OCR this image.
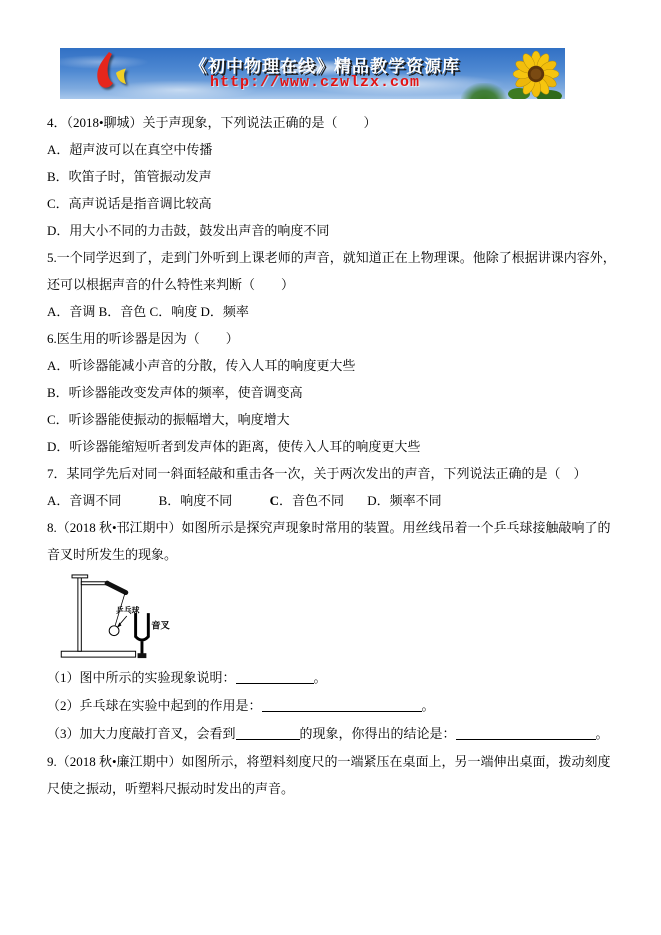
《初中物理在线》精品教学资源库
http://www.czwlzx.com

4．（2018•聊城）关于声现象，下列说法正确的是（　　）

A．超声波可以在真空中传播

B．吹笛子时，笛管振动发声

C．高声说话是指音调比较高

D．用大小不同的力击鼓，鼓发出声音的响度不同

5.一个同学迟到了，走到门外听到上课老师的声音，就知道正在上物理课。他除了根据讲课内容外，还可以根据声音的什么特性来判断（　　）

A．音调 B．音色 C．响度 D．频率

6.医生用的听诊器是因为（　　）

A．听诊器能减小声音的分散，传入人耳的响度更大些

B．听诊器能改变发声体的频率，使音调变高

C．听诊器能使振动的振幅增大，响度增大

D．听诊器能缩短听者到发声体的距离，使传入人耳的响度更大些

7．某同学先后对同一斜面轻敲和重击各一次，关于两次发出的声音，下列说法正确的是（　）

A．音调不同	B．响度不同	C．音色不同 D．频率不同

8.（2018 秋•邗江期中）如图所示是探究声现象时常用的装置。用丝线吊着一个乒乓球接触敲响了的音叉时所发生的现象。

乒乓球
音叉

（1）图中所示的实验现象说明：	。

（2）乒乓球在实验中起到的作用是：	。

（3）加大力度敲打音叉，会看到	的现象，你得出的结论是：	。

9.（2018 秋•廉江期中）如图所示，将塑料刻度尺的一端紧压在桌面上，另一端伸出桌面，拨动刻度尺使之振动，听塑料尺振动时发出的声音。
